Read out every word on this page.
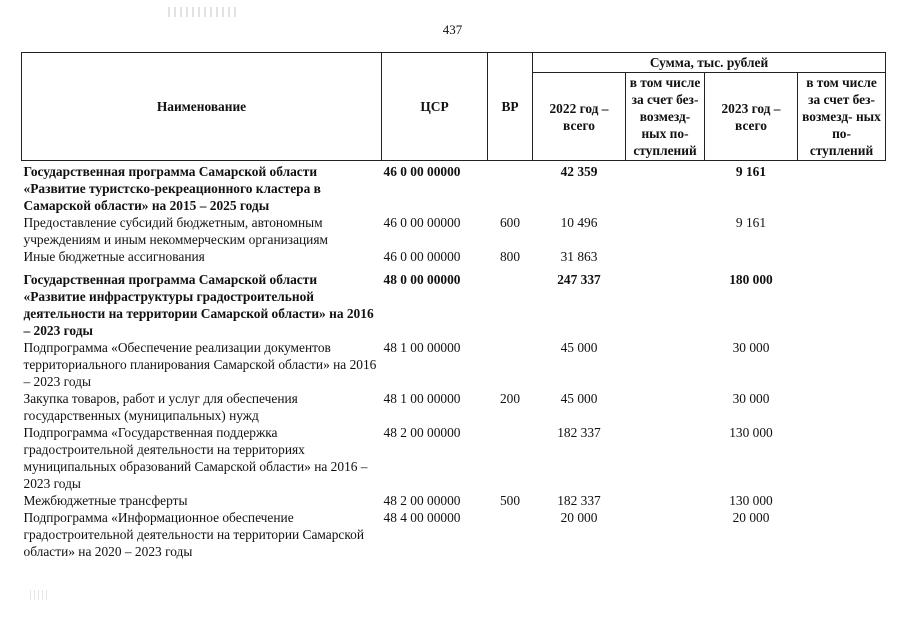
437
Наименование	ЦСР	ВР	Сумма, тыс. рублей			
			2022 год – всего	в том числе за счет без- возмезд- ных по- ступлений	2023 год – всего	в том числе за счет без- возмезд- ных по- ступлений
Государственная программа Самарской области «Развитие туристско-рекреационного кластера в Самарской области» на 2015 – 2025 годы	46 0 00 00000		42 359		9 161	
Предоставление субсидий бюджетным, автономным учреждениям и иным некоммерческим организациям	46 0 00 00000	600	10 496		9 161	
Иные бюджетные ассигнования	46 0 00 00000	800	31 863			
Государственная программа Самарской области «Развитие инфраструктуры градостроительной деятельности на территории Самарской области» на 2016 – 2023 годы	48 0 00 00000		247 337		180 000	
Подпрограмма «Обеспечение реализации документов территориального планирования Самарской области» на 2016 – 2023 годы	48 1 00 00000		45 000		30 000	
Закупка товаров, работ и услуг для обеспечения государственных (муниципальных) нужд	48 1 00 00000	200	45 000		30 000	
Подпрограмма «Государственная поддержка градостроительной деятельности на территориях муниципальных образований Самарской области» на 2016 – 2023 годы	48 2 00 00000		182 337		130 000	
Межбюджетные трансферты	48 2 00 00000	500	182 337		130 000	
Подпрограмма «Информационное обеспечение градостроительной деятельности на территории Самарской области» на 2020 – 2023 годы	48 4 00 00000		20 000		20 000	
